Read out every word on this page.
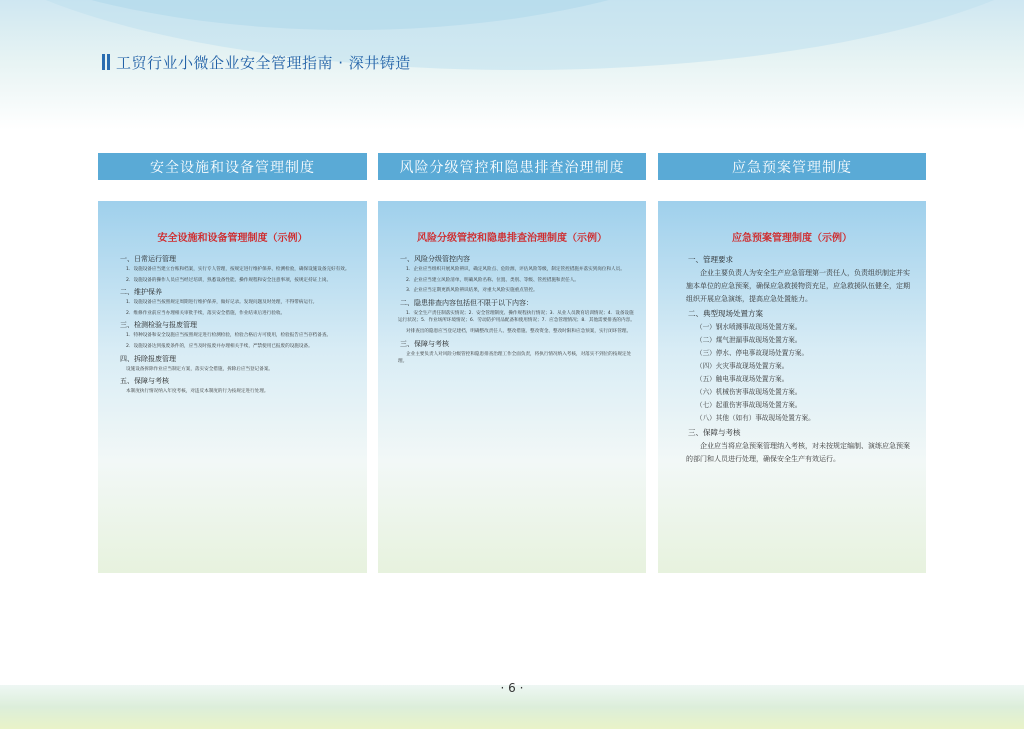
工贸行业小微企业安全管理指南 · 深井铸造
安全设施和设备管理制度
安全设施和设备管理制度（示例）
一、日常运行管理
1．设施设备应当建立台账和档案，实行专人管理，按规定进行维护保养、检测检验，确保设施设备完好有效。
2．设施设备的操作人员应当经过培训，熟悉设备性能、操作规程和安全注意事项，按规定持证上岗。
二、维护保养
1．设施设备应当按照规定周期进行维护保养，做好记录。发现问题及时处理，不得带病运行。
2．维修作业前应当办理相关审批手续，落实安全措施，作业结束后进行验收。
三、检测检验与报废管理
1．特种设备和安全设施应当按照规定进行检测检验，检验合格后方可使用，检验报告应当存档备查。
2．设施设备达到报废条件的，应当及时报废并办理相关手续，严禁使用已报废的设施设备。
四、拆除报废管理
设施设备拆除作业应当制定方案，落实安全措施，拆除后应当登记备案。
五、保障与考核
本制度执行情况纳入年度考核，对违反本制度的行为按规定进行处理。
风险分级管控和隐患排查治理制度
风险分级管控和隐患排查治理制度（示例）
一、风险分级管控内容
1．企业应当组织开展风险辨识，确定风险点、危险源，评估风险等级，制定管控措施并落实到岗位和人员。
2．企业应当建立风险清单，明确风险名称、位置、类别、等级、管控措施和责任人。
3．企业应当定期更新风险辨识结果，对重大风险实施重点管控。
二、隐患排查内容包括但不限于以下内容：
1．安全生产责任制落实情况；2．安全管理制度、操作规程执行情况；3．从业人员教育培训情况；4．设备设施运行状况；5．作业场所环境情况；6．劳动防护用品配备和使用情况；7．应急管理情况；8．其他需要排查的内容。
对排查出的隐患应当登记建档，明确整改责任人、整改措施、整改资金、整改时限和应急预案，实行闭环管理。
三、保障与考核
企业主要负责人对风险分级管控和隐患排查治理工作全面负责，将执行情况纳入考核，对落实不到位的按规定处理。
应急预案管理制度
应急预案管理制度（示例）
一、管理要求
企业主要负责人为安全生产应急管理第一责任人，负责组织制定并实施本单位的应急预案，确保应急救援物资充足，应急救援队伍健全，定期组织开展应急演练，提高应急处置能力。
二、典型现场处置方案
（一）钢水喷溅事故现场处置方案。
（二）煤气泄漏事故现场处置方案。
（三）停水、停电事故现场处置方案。
（四）火灾事故现场处置方案。
（五）触电事故现场处置方案。
（六）机械伤害事故现场处置方案。
（七）起重伤害事故现场处置方案。
（八）其他（如有）事故现场处置方案。
三、保障与考核
企业应当将应急预案管理纳入考核，对未按规定编制、演练应急预案的部门和人员进行处理，确保安全生产有效运行。
· 6 ·
